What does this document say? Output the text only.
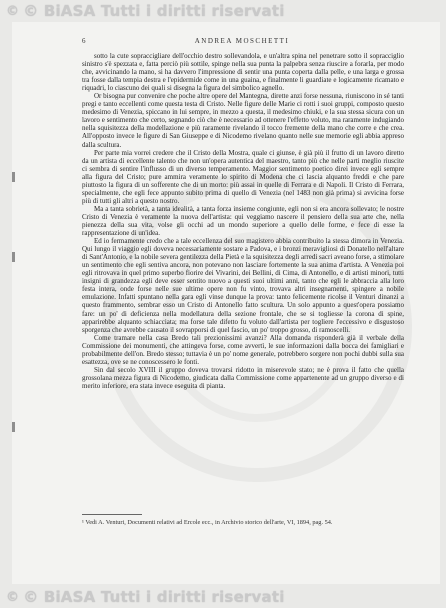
© © BiASA Tutti i diritti riservati
6	ANDREA MOSCHETTI

sotto la cute sopraccigliare dell'occhio destro sollevandola, e un'altra spina nel penetrare sotto il sopracciglio sinistro s'è spezzata e, fatta perciò più sottile, spinge nella sua punta la palpebra senza riuscire a forarla, per modo che, avvicinando la mano, si ha davvero l'impressione di sentir una punta coperta dalla pelle, e una larga e grossa tra fosse dalla tempia destra e l'epidermide come in una guaina, e finalmente li guardiate e logicamente ricamato e riquadri, lo ciascuno dei quali si disegna la figura del simbolico agnello.

Or bisogna pur convenire che poche altre opere del Mantegna, dirette anzi forse nessuna, riuniscono in sé tanti pregi e tanto eccellenti come questa testa di Cristo. Nelle figure delle Marie ci rotti i suoi gruppi, composto questo medesimo di Venezia, spiccano in lui sempre, in mezzo a questa, il medesimo chiuki, e la sua stessa sicura con un lavoro e sentimento che certo, segnando ciò che è necessario ad ottenere l'effetto voluto, ma raramente indugiando nella squisitezza della modellazione e più raramente rivelando il tocco fremente della mano che corre e che crea. All'opposto invece le figure di San Giuseppe e di Nicodemo rivelano quanto nelle sue memorie egli abbia appreso dalla scultura.

Per parte mia vorrei credere che il Cristo della Mostra, quale ci giunse, è già più il frutto di un lavoro diretto da un artista di eccellente talento che non un'opera autentica del maestro, tanto più che nelle parti meglio riuscite ci sembra di sentire l'influsso di un diverso temperamento. Maggior sentimento poetico direi invece egli sempre alla figura del Cristo; pure ammira veramente lo spirito di Modena che ci lascia alquanto freddi e che pare piuttosto la figura di un sofferente che di un morto: più assai in quelle di Ferrara e di Napoli. Il Cristo di Ferrara, specialmente, che egli fece appunto subito prima di quello di Venezia (nel 1483 non già prima) si avvicina forse più di tutti gli altri a questo nostro.

Ma a tanta sobrietà, a tanta idealità, a tanta forza insieme congiunte, egli non si era ancora sollevato; le nostre Cristo di Venezia è veramente la nuova dell'artista: qui veggiamo nascere il pensiero della sua arte che, nella pienezza della sua vita, volse gli occhi ad un mondo superiore a quello delle forme, e fece di esse la rappresentazione di un'idea.

Ed io fermamente credo che a tale eccellenza del suo magistero abbia contribuito la stessa dimora in Venezia. Qui lungo il viaggio egli doveva necessariamente sostare a Padova, e i bronzi meravigliosi di Donatello nell'altare di Sant'Antonio, e la nobile severa gentilezza della Pietà e la squisitezza degli arredi sacri aveano forse, a stimolare un sentimento che egli sentiva ancora, non potevano non lasciare fortemente la sua anima d'artista. A Venezia poi egli ritrovava in quel primo superbo fiorire dei Vivarini, dei Bellini, di Cima, di Antonello, e di artisti minori, tutti insigni di grandezza egli deve esser sentito nuovo a questi suoi ultimi anni, tanto che egli le abbraccia alla loro festa intera, onde forse nelle sue ultime opere non fu vinto, trovava altri insegnamenti, spingere a nobile emulazione. Infatti spuntano nella gara egli vinse dunque la prova: tanto felicemente ricolse il Venturi dinanzi a questo frammento, sembrar esso un Cristo di Antonello fatto scultura. Un solo appunto a quest'opera possiamo fare: un po' di deficienza nella modellatura della sezione frontale, che se si togliesse la corona di spine, apparirebbe alquanto schiacciata; ma forse tale difetto fu voluto dall'artista per togliere l'eccessivo e disgustoso sporgenza che avrebbe causato il sovrapporsi di quel fascio, un po' troppo grosso, di ramoscelli.

Come tramare nella casa Bredo tali prezionissimi avanzi? Alla domanda risponderà già il verbale della Commissione dei monumenti, che attingeva forse, come avvertì, le sue informazioni dalla bocca dei famigliari e probabilmente dell'on. Bredo stesso; tuttavia è un po' nome generale, potrebbero sorgere non pochi dubbi sulla sua esattezza, ove se ne conoscessero le fonti.

Sin dal secolo XVIII il gruppo doveva trovarsi ridotto in miserevole stato; ne è prova il fatto che quella grossolana mezza figura di Nicodemo, giudicata dalla Commissione come appartenente ad un gruppo diverso e di merito inferiore, era stata invece eseguita di pianta.

¹ Vedi A. Venturi, Documenti relativi ad Ercole ecc., in Archivio storico dell'arte, VI, 1894, pag. 54.
© © BiASA Tutti i diritti riservati
